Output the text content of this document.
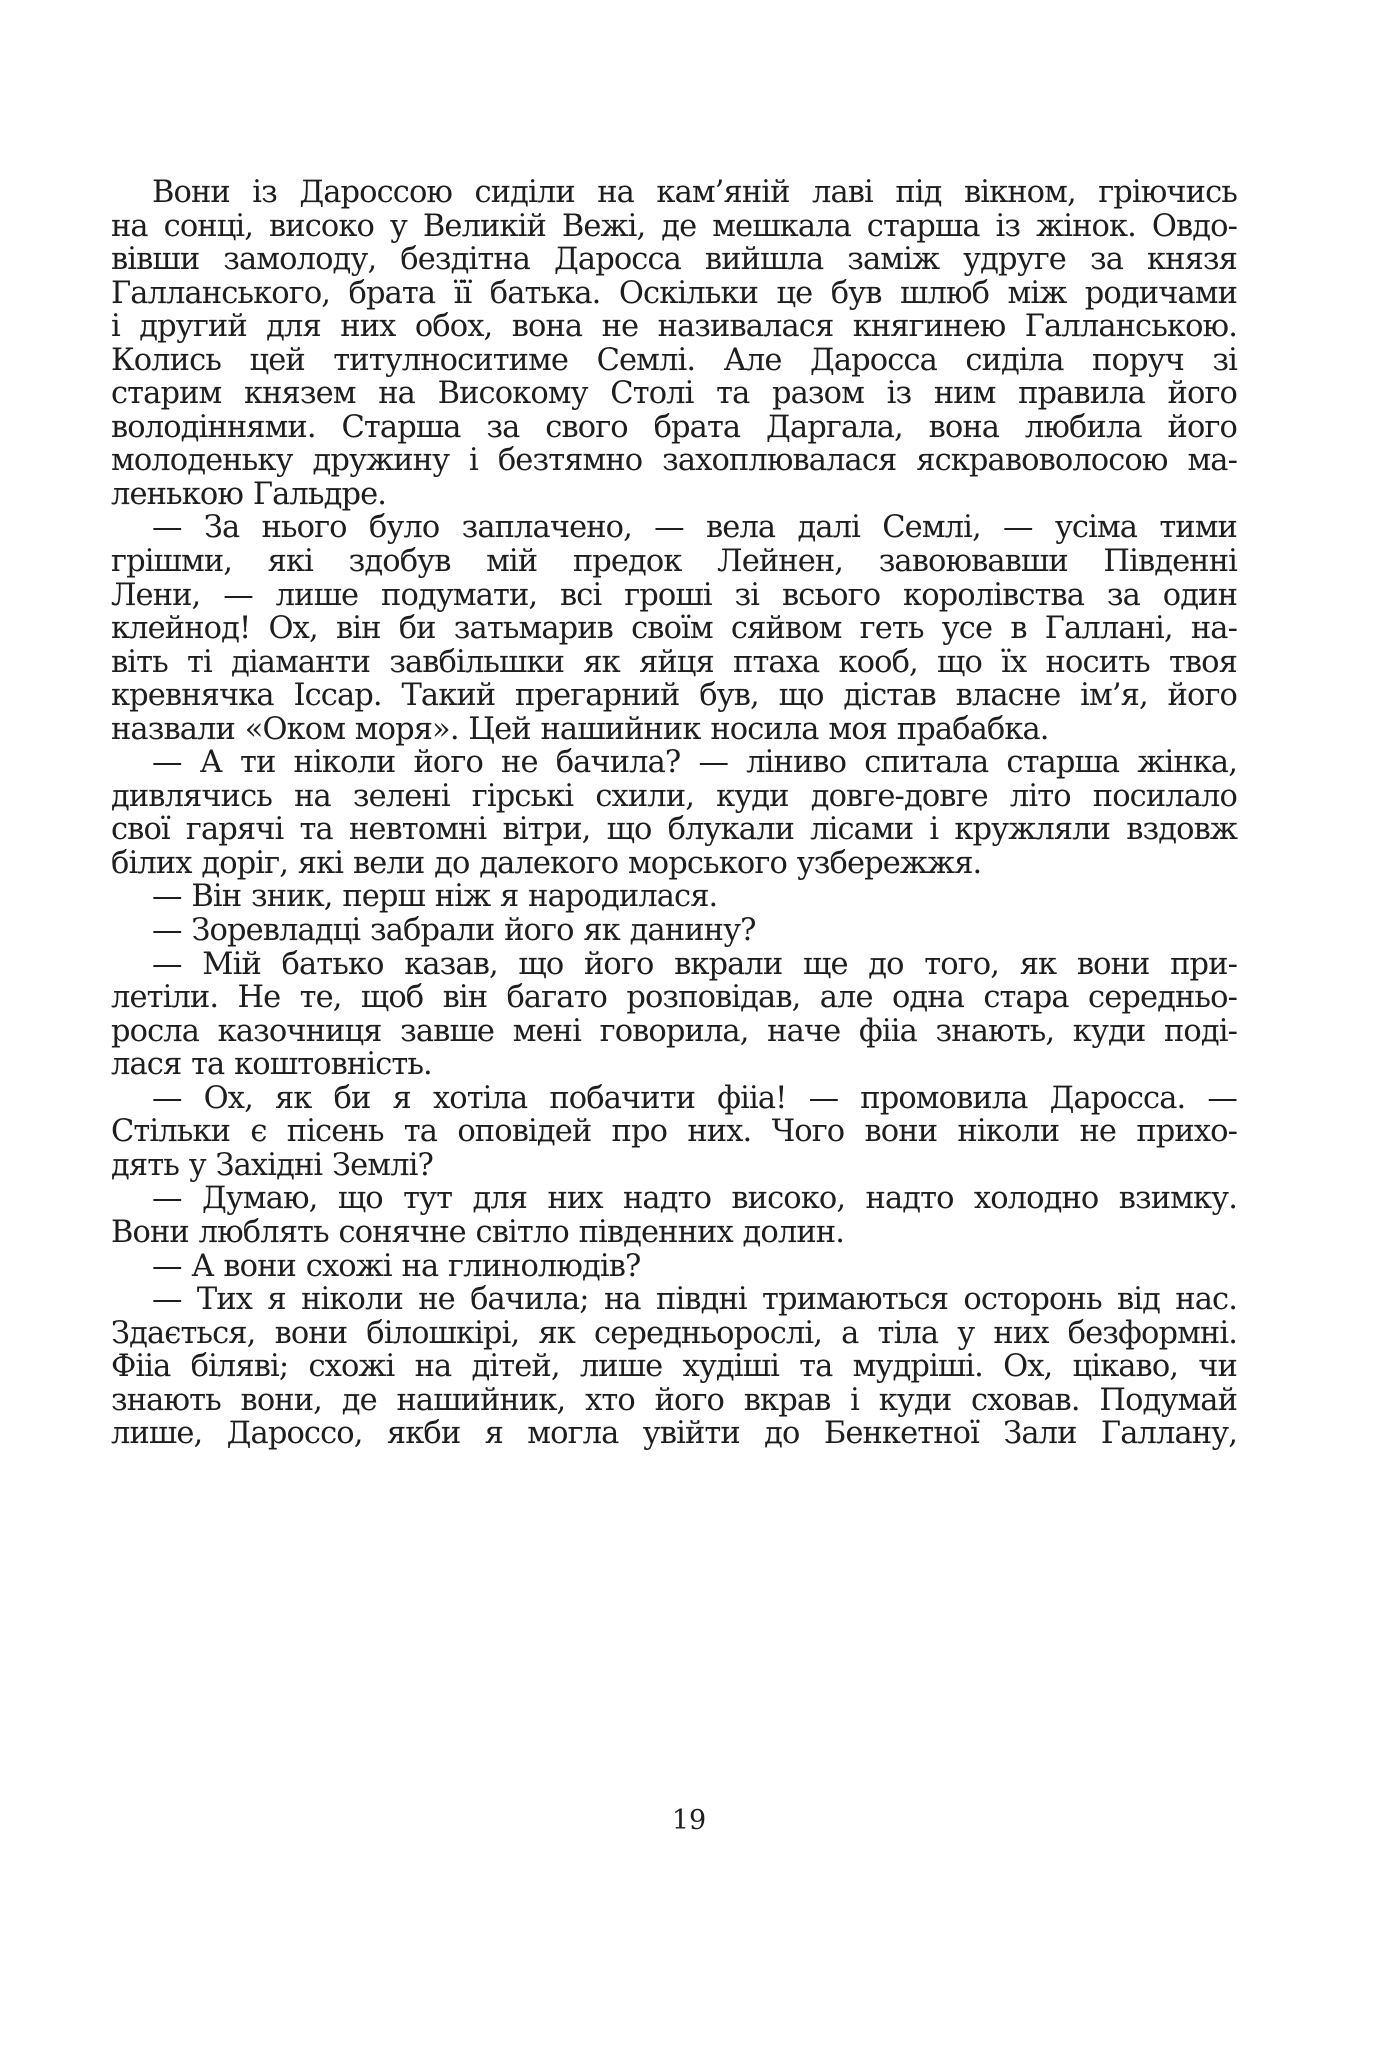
Вони із Даросcою сиділи на кам’яній лаві під вікном, гріючись
на сонці, високо у Великій Вежі, де мешкала старша із жінок. Овдо-
вівши замолоду, бездітна Даросса вийшла заміж удруге за князя
Галланського, брата її батька. Оскільки це був шлюб між родичами
і другий для них обох, вона не називалася княгинею Галланською.
Колись цей титулноситиме Семлі. Але Даросса сиділа поруч зі
старим князем на Високому Столі та разом із ним правила його
володіннями. Старша за свого брата Даргала, вона любила його
молоденьку дружину і безтямно захоплювалася яскравоволосою ма-
ленькою Гальдре.
— За нього було заплачено, — вела далі Семлі, — усіма тими
грішми, які здобув мій предок Лейнен, завоювавши Південні
Лени, — лише подумати, всі гроші зі всього королівства за один
клейнод! Ох, він би затьмарив своїм сяйвом геть усе в Галлані, на-
віть ті діаманти завбільшки як яйця птаха кооб, що їх носить твоя
кревнячка Іссар. Такий прегарний був, що дістав власне ім’я, його
назвали «Оком моря». Цей нашийник носила моя прабабка.
— А ти ніколи його не бачила? — ліниво спитала старша жінка,
дивлячись на зелені гірські схили, куди довге-довге літо посилало
свої гарячі та невтомні вітри, що блукали лісами і кружляли вздовж
білих доріг, які вели до далекого морського узбережжя.
— Він зник, перш ніж я народилася.
— Зоревладці забрали його як данину?
— Мій батько казав, що його вкрали ще до того, як вони при-
летіли. Не те, щоб він багато розповідав, але одна стара середньо-
росла казочниця завше мені говорила, наче фііа знають, куди поді-
лася та коштовність.
— Ох, як би я хотіла побачити фііа! — промовила Даросса. —
Стільки є пісень та оповідей про них. Чого вони ніколи не прихо-
дять у Західні Землі?
— Думаю, що тут для них надто високо, надто холодно взимку.
Вони люблять сонячне світло південних долин.
— А вони схожі на глинолюдів?
— Тих я ніколи не бачила; на півдні тримаються осторонь від нас.
Здається, вони білошкірі, як середньорослі, а тіла у них безформні.
Фііа біляві; схожі на дітей, лише худіші та мудріші. Ох, цікаво, чи
знають вони, де нашийник, хто його вкрав і куди сховав. Подумай
лише, Даросcо, якби я могла увійти до Бенкетної Зали Галлану,
19
